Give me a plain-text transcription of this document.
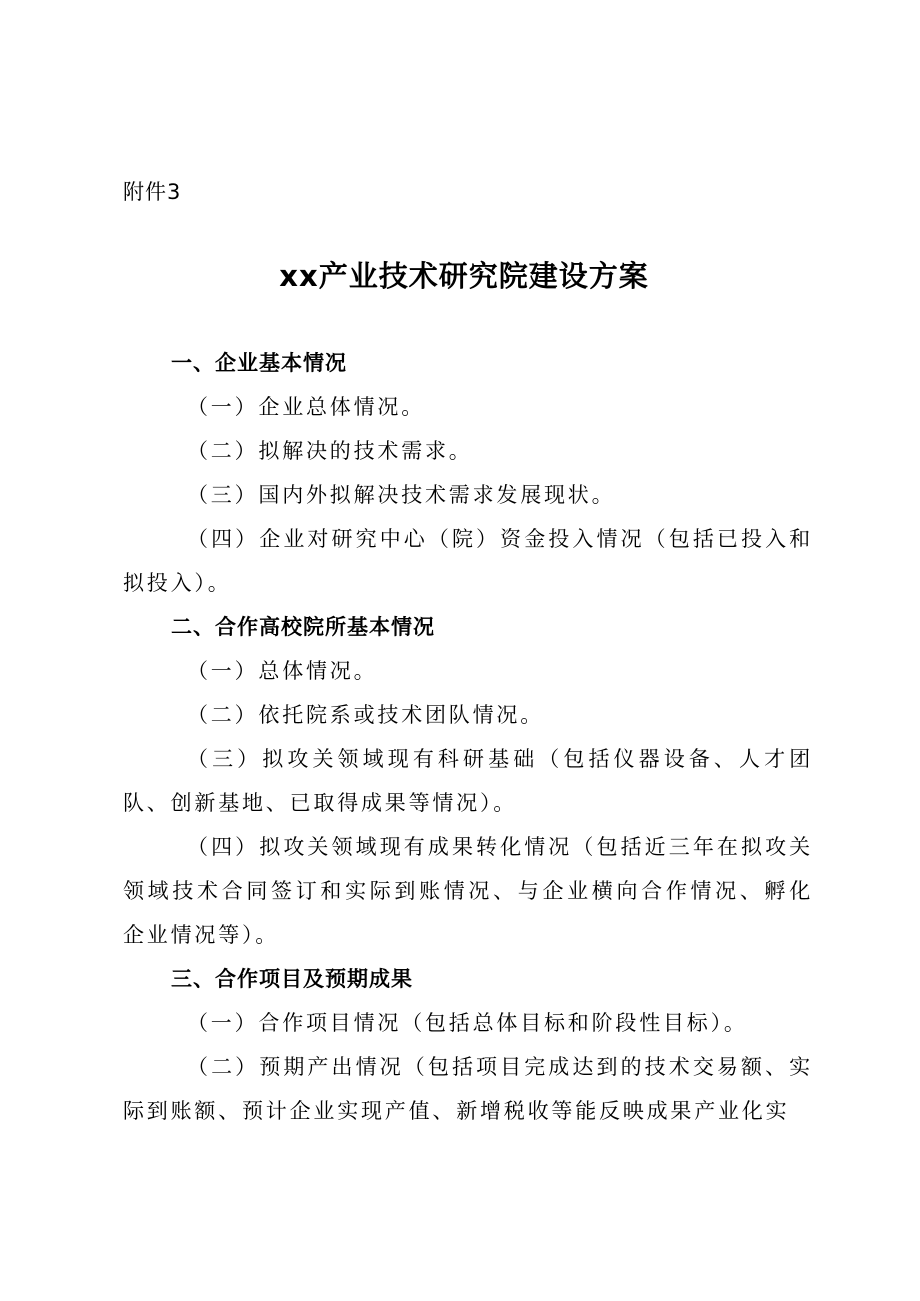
附件3
xx产业技术研究院建设方案
一、企业基本情况
（一）企业总体情况。
（二）拟解决的技术需求。
（三）国内外拟解决技术需求发展现状。
（四）企业对研究中心（院）资金投入情况（包括已投入和拟投入）。
二、合作高校院所基本情况
（一）总体情况。
（二）依托院系或技术团队情况。
（三）拟攻关领域现有科研基础（包括仪器设备、人才团队、创新基地、已取得成果等情况）。
（四）拟攻关领域现有成果转化情况（包括近三年在拟攻关领域技术合同签订和实际到账情况、与企业横向合作情况、孵化企业情况等）。
三、合作项目及预期成果
（一）合作项目情况（包括总体目标和阶段性目标）。
（二）预期产出情况（包括项目完成达到的技术交易额、实际到账额、预计企业实现产值、新增税收等能反映成果产业化实
